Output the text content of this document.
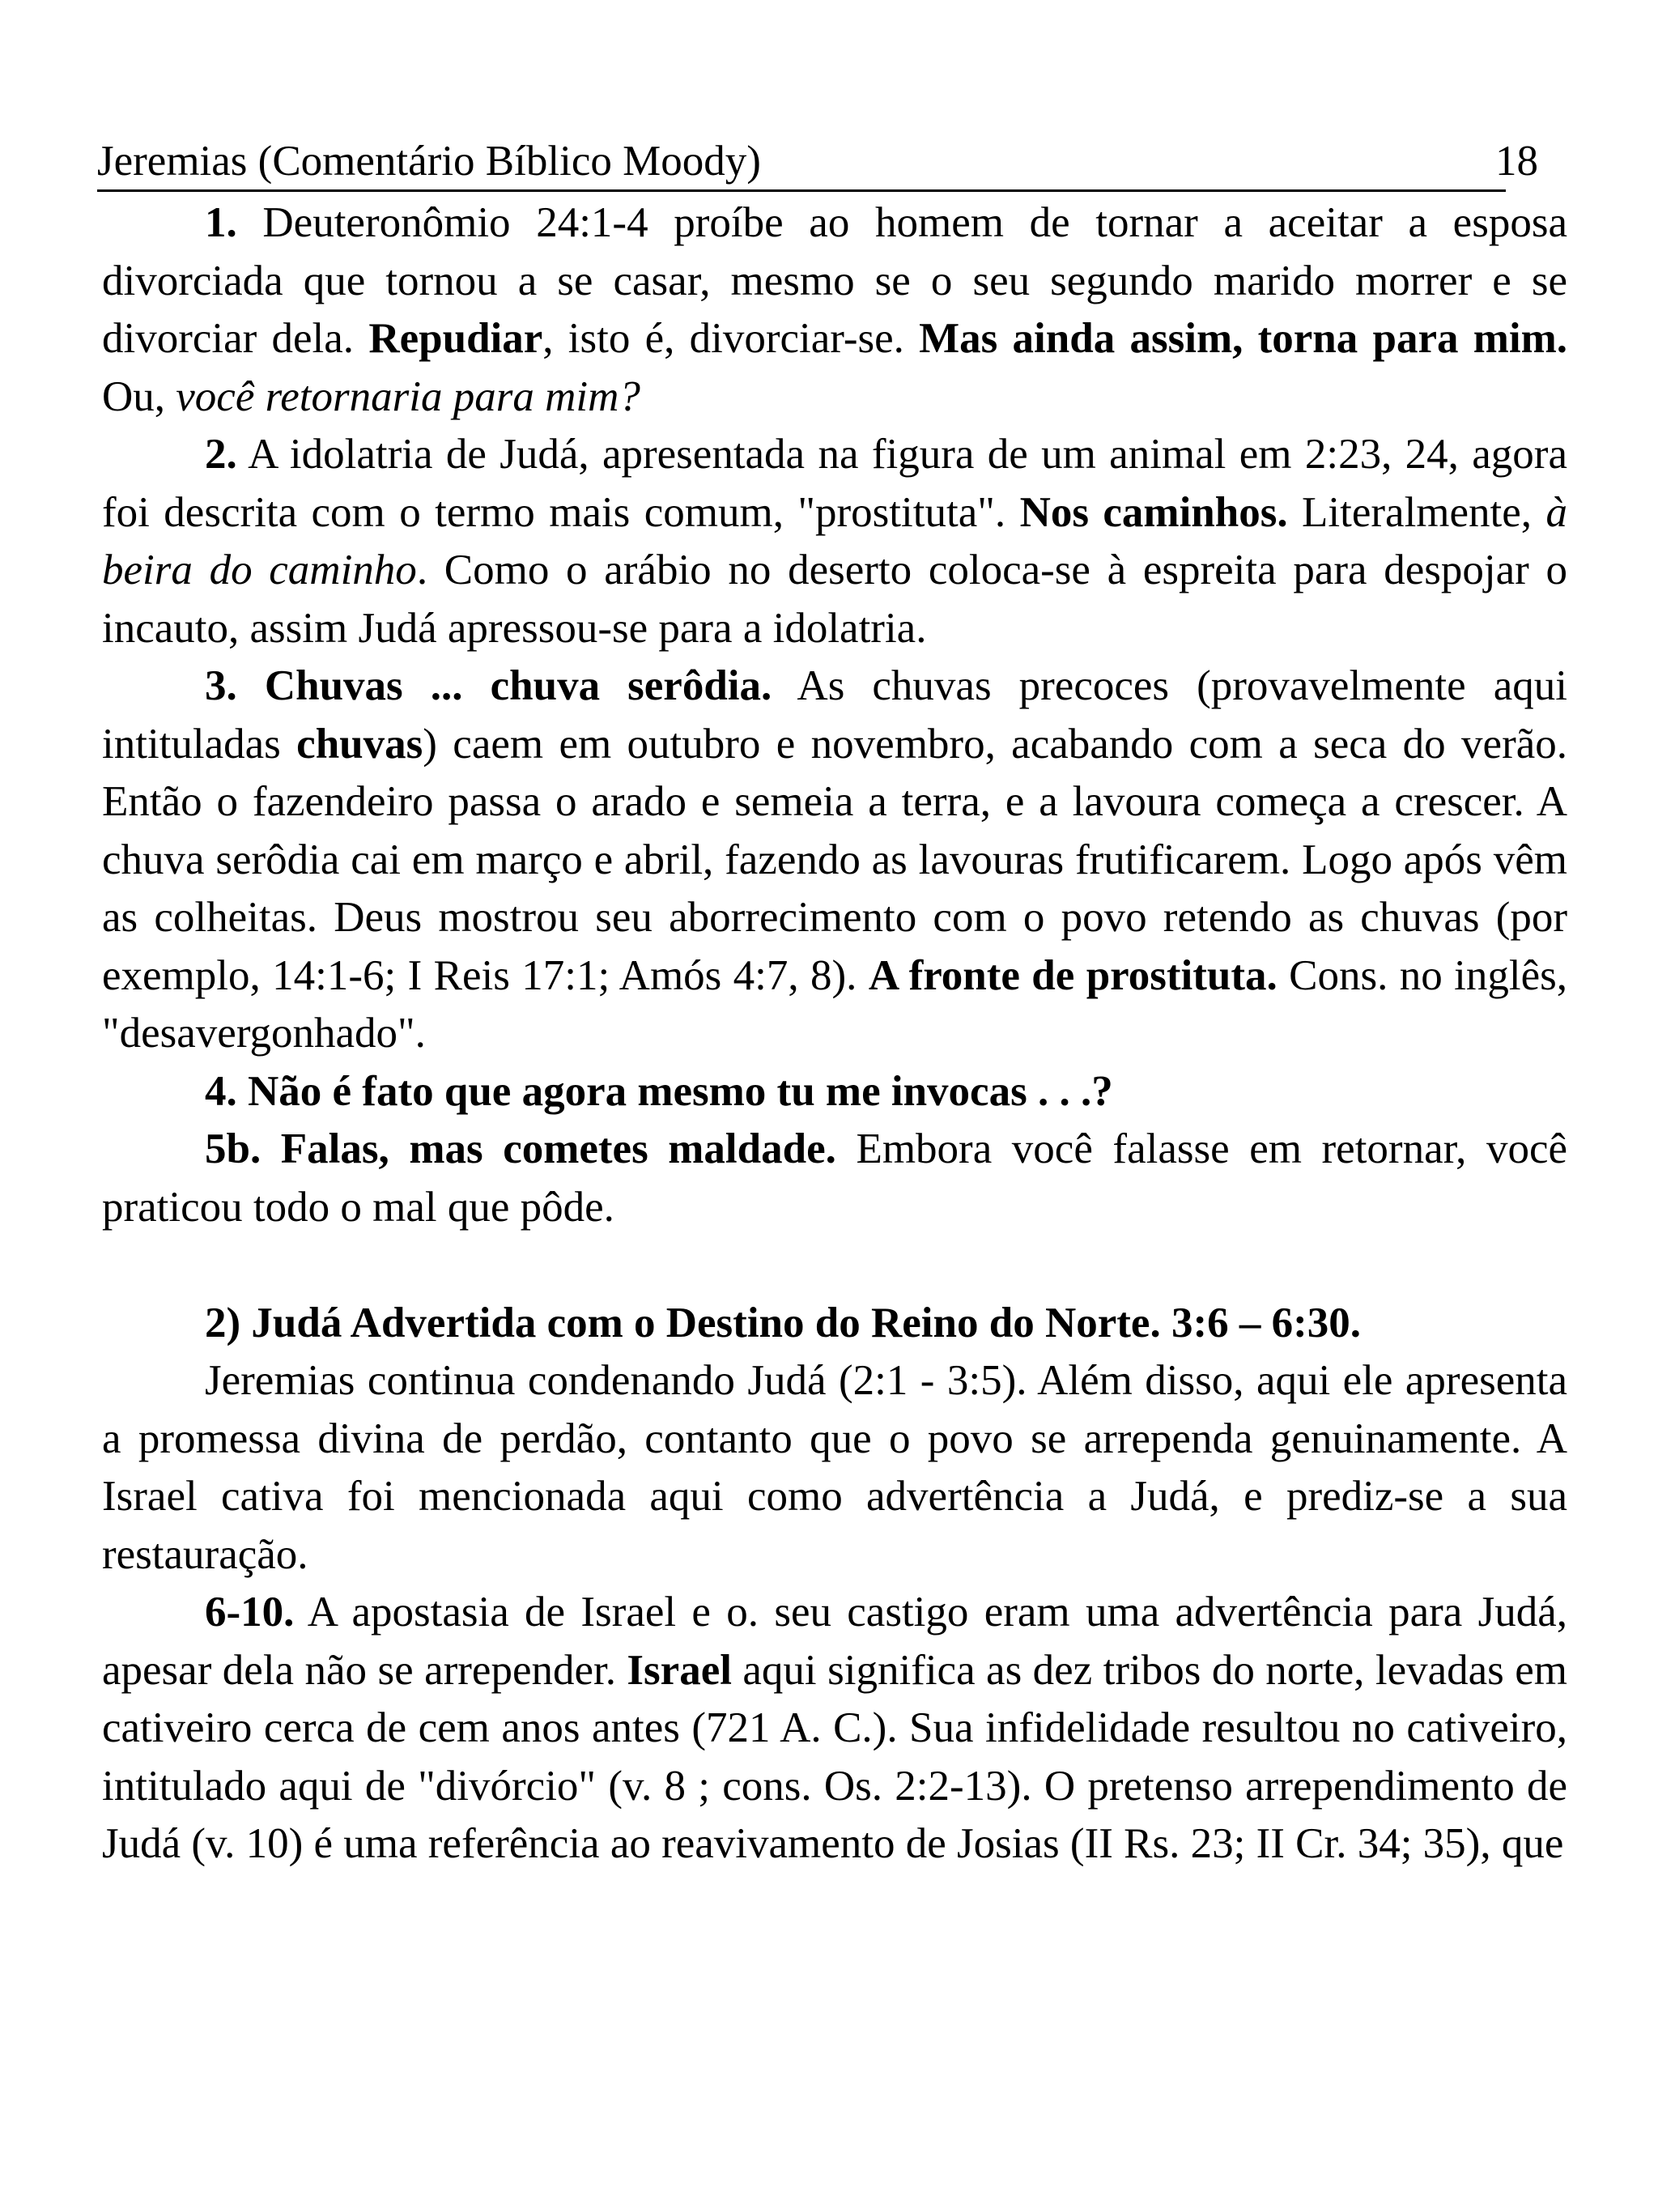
Jeremias (Comentário Bíblico Moody)	18

1. Deuteronômio 24:1-4 proíbe ao homem de tornar a aceitar a esposa divorciada que tornou a se casar, mesmo se o seu segundo marido morrer e se divorciar dela. Repudiar, isto é, divorciar-se. Mas ainda assim, torna para mim. Ou, você retornaria para mim?

2. A idolatria de Judá, apresentada na figura de um animal em 2:23, 24, agora foi descrita com o termo mais comum, "prostituta". Nos caminhos. Literalmente, à beira do caminho. Como o arábio no deserto coloca-se à espreita para despojar o incauto, assim Judá apressou-se para a idolatria.

3. Chuvas ... chuva serôdia. As chuvas precoces (provavelmente aqui intituladas chuvas) caem em outubro e novembro, acabando com a seca do verão. Então o fazendeiro passa o arado e semeia a terra, e a lavoura começa a crescer. A chuva serôdia cai em março e abril, fazendo as lavouras frutificarem. Logo após vêm as colheitas. Deus mostrou seu aborrecimento com o povo retendo as chuvas (por exemplo, 14:1-6; I Reis 17:1; Amós 4:7, 8). A fronte de prostituta. Cons. no inglês, "desavergonhado".

4. Não é fato que agora mesmo tu me invocas . . .?

5b. Falas, mas cometes maldade. Embora você falasse em retornar, você praticou todo o mal que pôde.

2) Judá Advertida com o Destino do Reino do Norte. 3:6 – 6:30.

Jeremias continua condenando Judá (2:1 - 3:5). Além disso, aqui ele apresenta a promessa divina de perdão, contanto que o povo se arrependa genuinamente. A Israel cativa foi mencionada aqui como advertência a Judá, e prediz-se a sua restauração.

6-10. A apostasia de Israel e o. seu castigo eram uma advertência para Judá, apesar dela não se arrepender. Israel aqui significa as dez tribos do norte, levadas em cativeiro cerca de cem anos antes (721 A. C.). Sua infidelidade resultou no cativeiro, intitulado aqui de "divórcio" (v. 8 ; cons. Os. 2:2-13). O pretenso arrependimento de Judá (v. 10) é uma referência ao reavivamento de Josias (II Rs. 23; II Cr. 34; 35), que
